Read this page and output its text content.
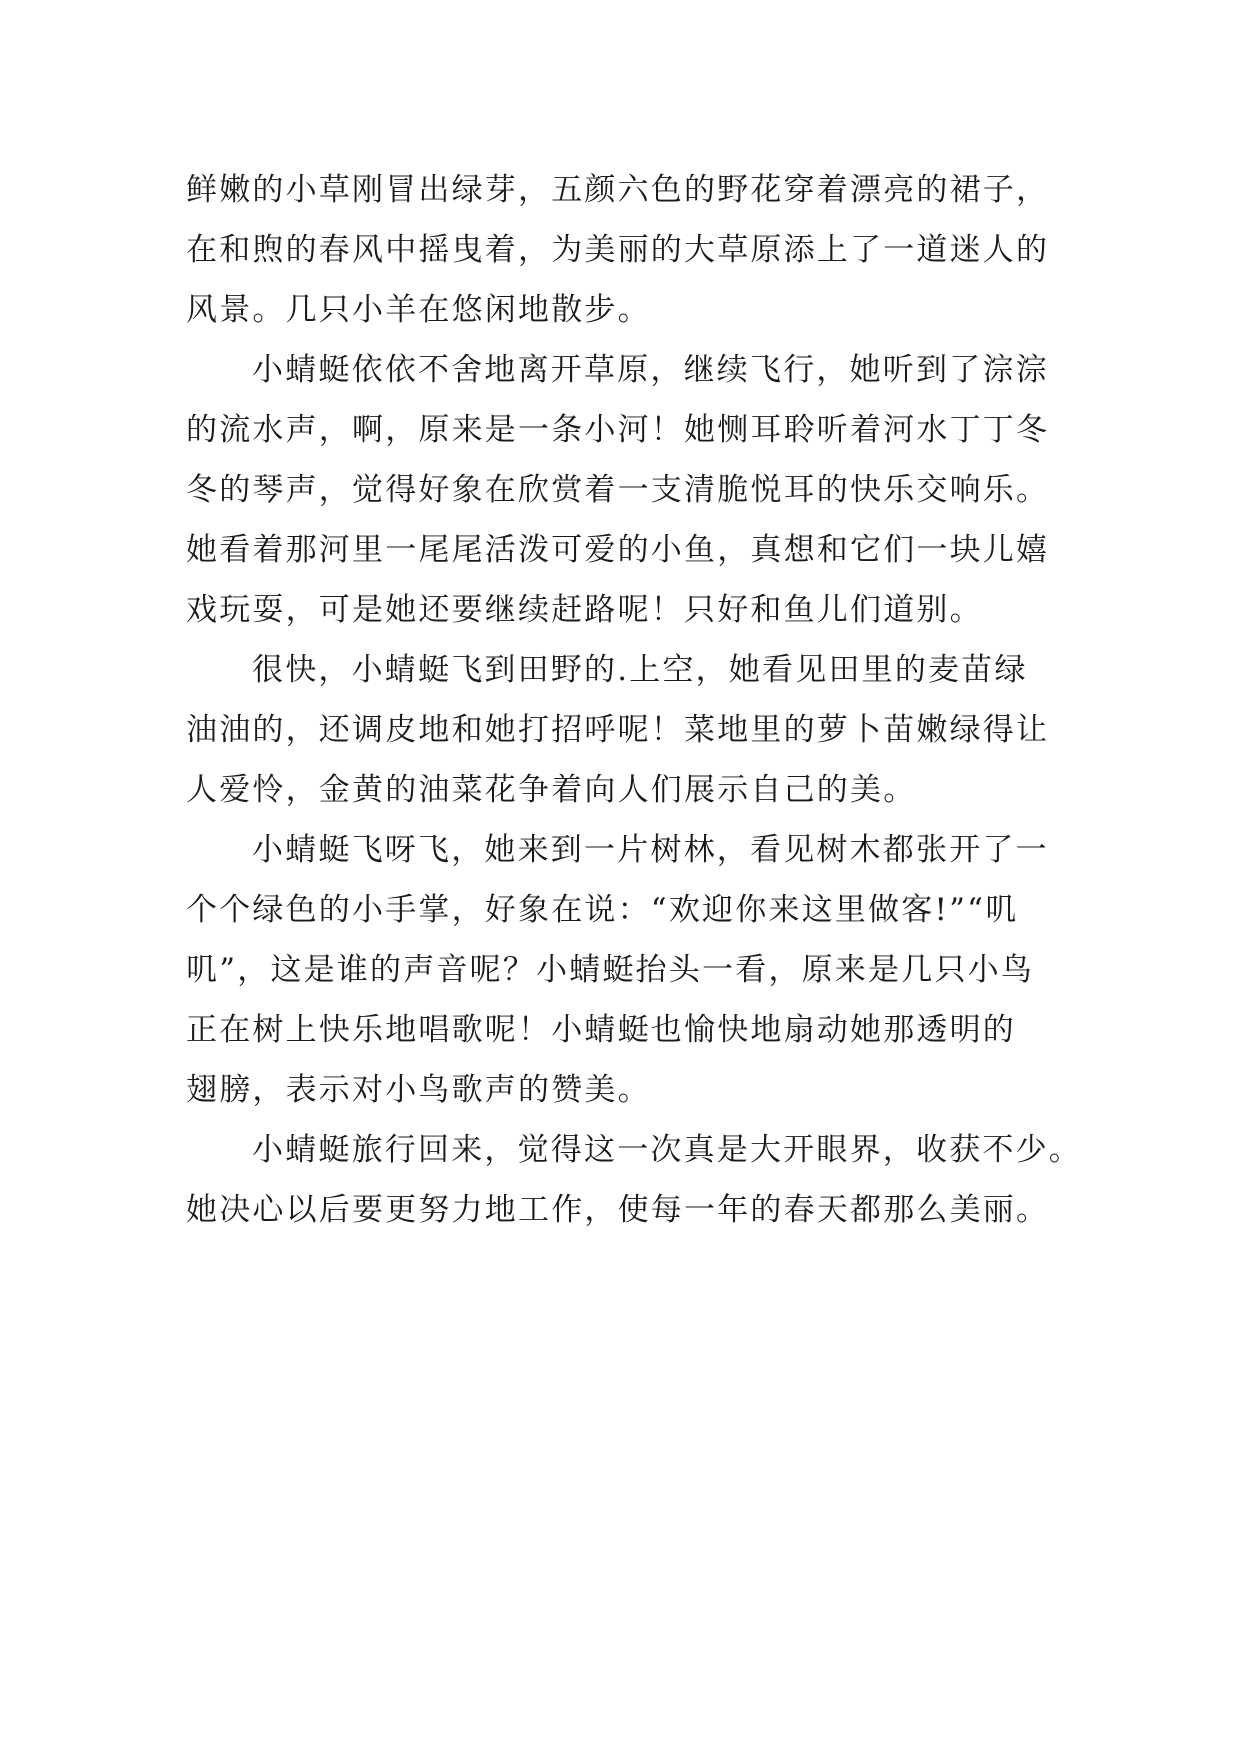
鲜嫩的小草刚冒出绿芽，五颜六色的野花穿着漂亮的裙子，
在和煦的春风中摇曳着，为美丽的大草原添上了一道迷人的
风景。几只小羊在悠闲地散步。
小蜻蜓依依不舍地离开草原，继续飞行，她听到了淙淙
的流水声，啊，原来是一条小河！她恻耳聆听着河水丁丁冬
冬的琴声，觉得好象在欣赏着一支清脆悦耳的快乐交响乐。
她看着那河里一尾尾活泼可爱的小鱼，真想和它们一块儿嬉
戏玩耍，可是她还要继续赶路呢！只好和鱼儿们道别。
很快，小蜻蜓飞到田野的.上空，她看见田里的麦苗绿
油油的，还调皮地和她打招呼呢！菜地里的萝卜苗嫩绿得让
人爱怜，金黄的油菜花争着向人们展示自己的美。
小蜻蜓飞呀飞，她来到一片树林，看见树木都张开了一
个个绿色的小手掌，好象在说：“欢迎你来这里做客!”“叽
叽”，这是谁的声音呢？小蜻蜓抬头一看，原来是几只小鸟
正在树上快乐地唱歌呢！小蜻蜓也愉快地扇动她那透明的
翅膀，表示对小鸟歌声的赞美。
小蜻蜓旅行回来，觉得这一次真是大开眼界，收获不少。
她决心以后要更努力地工作，使每一年的春天都那么美丽。
